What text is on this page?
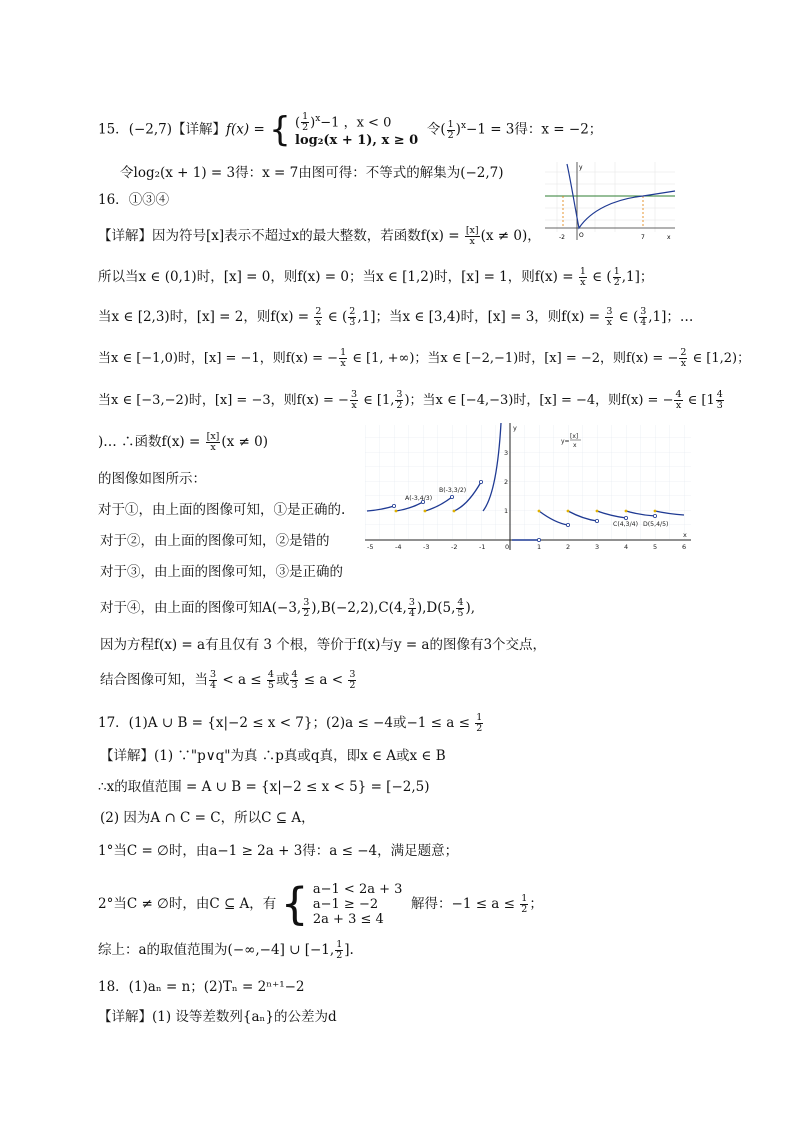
15．(−2,7)【详解】f(x) = { ( $\frac{1}{2} )^x-1$ ，x < 0
log₂(x + 1), x ≥ 0
令( $\frac{1}{2} )^x-1 = 3$得：x = −2；
令log₂(x + 1) = 3得：x = 7由图可得：不等式的解集为(−2,7)
-2 O	7	x
y
16．①③④
【详解】因为符号[x]表示不超过x的最大整数，若函数$f(x) = \frac{[x]}{x} (x \ne 0)$，
所以当x ∈ (0,1)时，[x] = 0，则f(x) = 0；当x ∈ [1,2)时，[x] = 1，则$f(x) = \frac{1}{x}$ ∈ ( $\frac{1}{2} ,1$]；
当x ∈ [2,3)时，[x] = 2，则$f(x) = \frac{2}{x}$ ∈ ( $\frac{2}{3} ,1$]；当x ∈ [3,4)时，[x] = 3，则$f(x) = \frac{3}{x}$ ∈ ( $\frac{3}{4} ,1$]；…
当x ∈ [−1,0)时，[x] = −1，则f(x) = − $\frac{1}{x}$ ∈ [1, +∞)；当x ∈ [−2,−1)时，[x] = −2，则f(x) = − $\frac{2}{x}$ ∈ [1,2)；
当x ∈ [−3,−2)时，[x] = −3，则f(x) = − $\frac{3}{x}$ ∈ [1, $\frac{3}{2}$ )；当x ∈ [−4,−3)时，[x] = −4，则f(x) = − $\frac{4}{x}$ ∈ [$1 \frac{4}{3}$
)… ∴函数$f(x) = \frac{[x]}{x} (x \ne 0)$
的图像如图所示：
对于①，由上面的图像可知，①是正确的.
对于②，由上面的图像可知，②是错的
对于③，由上面的图像可知，③是正确的
对于④，由上面的图像可知A(−3, $\frac{3}{2} ),B(-2,2),C(4$, $\frac{3}{4} ),D(5$, $\frac{4}{5}$ ),
因为方程f(x) = a有且仅有 3 个根，等价于f(x)与y = a的图像有3个交点，
结合图像可知，当 $\frac{3}{4} < a \le \frac{4}{5}$ 或 $\frac{4}{3} \le a < \frac{3}{2}$
-5	-4	-3	-2	-1	0	1	2	3	4	5	6
1
2
3
y
x
y=
[x]
x
A(-3,4/3)
B(-3,3/2)
C(4,3/4) D(5,4/5)
17．(1)A ∪ B = {x|−2 ≤ x < 7}；(2)a ≤ −4或$-1 \le a \le \frac{1}{2}$
【详解】(1) ∵"p∨q"为真 ∴p真或q真，即x ∈ A或x ∈ B
∴x的取值范围 = A ∪ B = {x|−2 ≤ x < 5} = [−2,5)
(2) 因为A ∩ C = C，所以C ⊆ A，
1°当C = ∅时，由a−1 ≥ 2a + 3得：a ≤ −4，满足题意；
2°当C ≠ ∅时，由C ⊆ A，有 { a−1 < 2a + 3
a−1 ≥ −2
2a + 3 ≤ 4
解得：$-1 \le a \le \frac{1}{2}$ ；
综上：a的取值范围为(−∞,−4] ∪ [−1, $\frac{1}{2}$ ].
18．(1)aₙ = n；(2)Tₙ = 2ⁿ⁺¹−2
【详解】(1) 设等差数列{aₙ}的公差为d
